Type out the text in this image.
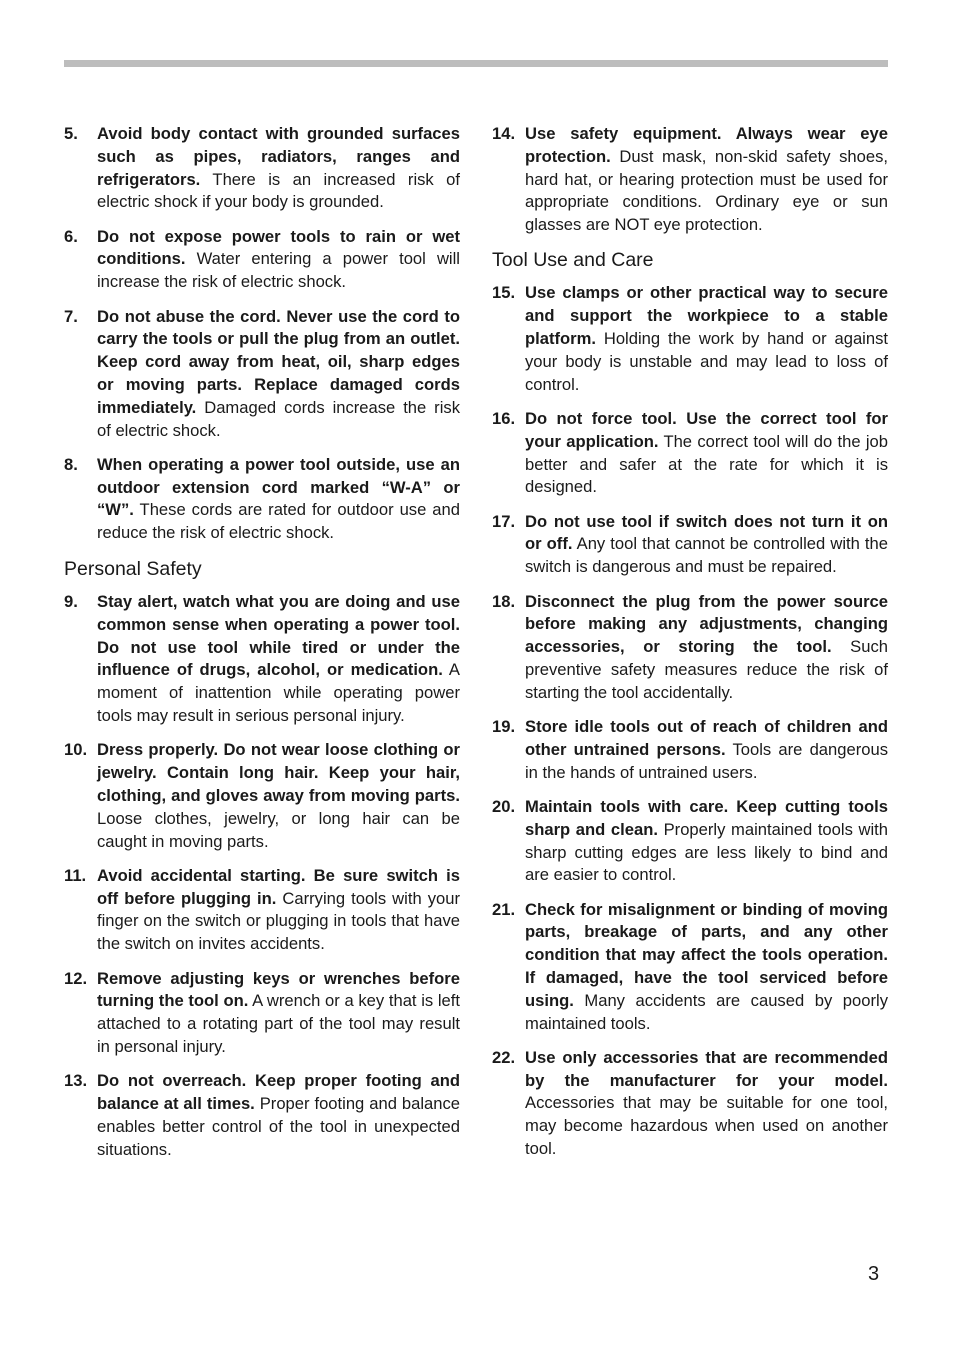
5. Avoid body contact with grounded surfaces such as pipes, radiators, ranges and refrigerators. There is an increased risk of electric shock if your body is grounded.
6. Do not expose power tools to rain or wet conditions. Water entering a power tool will increase the risk of electric shock.
7. Do not abuse the cord. Never use the cord to carry the tools or pull the plug from an outlet. Keep cord away from heat, oil, sharp edges or moving parts. Replace damaged cords immediately. Damaged cords increase the risk of electric shock.
8. When operating a power tool outside, use an outdoor extension cord marked “W-A” or “W”. These cords are rated for outdoor use and reduce the risk of electric shock.
Personal Safety
9. Stay alert, watch what you are doing and use common sense when operating a power tool. Do not use tool while tired or under the influence of drugs, alcohol, or medication. A moment of inattention while operating power tools may result in serious personal injury.
10. Dress properly. Do not wear loose clothing or jewelry. Contain long hair. Keep your hair, clothing, and gloves away from moving parts. Loose clothes, jewelry, or long hair can be caught in moving parts.
11. Avoid accidental starting. Be sure switch is off before plugging in. Carrying tools with your finger on the switch or plugging in tools that have the switch on invites accidents.
12. Remove adjusting keys or wrenches before turning the tool on. A wrench or a key that is left attached to a rotating part of the tool may result in personal injury.
13. Do not overreach. Keep proper footing and balance at all times. Proper footing and balance enables better control of the tool in unexpected situations.
14. Use safety equipment. Always wear eye protection. Dust mask, non-skid safety shoes, hard hat, or hearing protection must be used for appropriate conditions. Ordinary eye or sun glasses are NOT eye protection.
Tool Use and Care
15. Use clamps or other practical way to secure and support the workpiece to a stable platform. Holding the work by hand or against your body is unstable and may lead to loss of control.
16. Do not force tool. Use the correct tool for your application. The correct tool will do the job better and safer at the rate for which it is designed.
17. Do not use tool if switch does not turn it on or off. Any tool that cannot be controlled with the switch is dangerous and must be repaired.
18. Disconnect the plug from the power source before making any adjustments, changing accessories, or storing the tool. Such preventive safety measures reduce the risk of starting the tool accidentally.
19. Store idle tools out of reach of children and other untrained persons. Tools are dangerous in the hands of untrained users.
20. Maintain tools with care. Keep cutting tools sharp and clean. Properly maintained tools with sharp cutting edges are less likely to bind and are easier to control.
21. Check for misalignment or binding of moving parts, breakage of parts, and any other condition that may affect the tools operation. If damaged, have the tool serviced before using. Many accidents are caused by poorly maintained tools.
22. Use only accessories that are recommended by the manufacturer for your model. Accessories that may be suitable for one tool, may become hazardous when used on another tool.
3
